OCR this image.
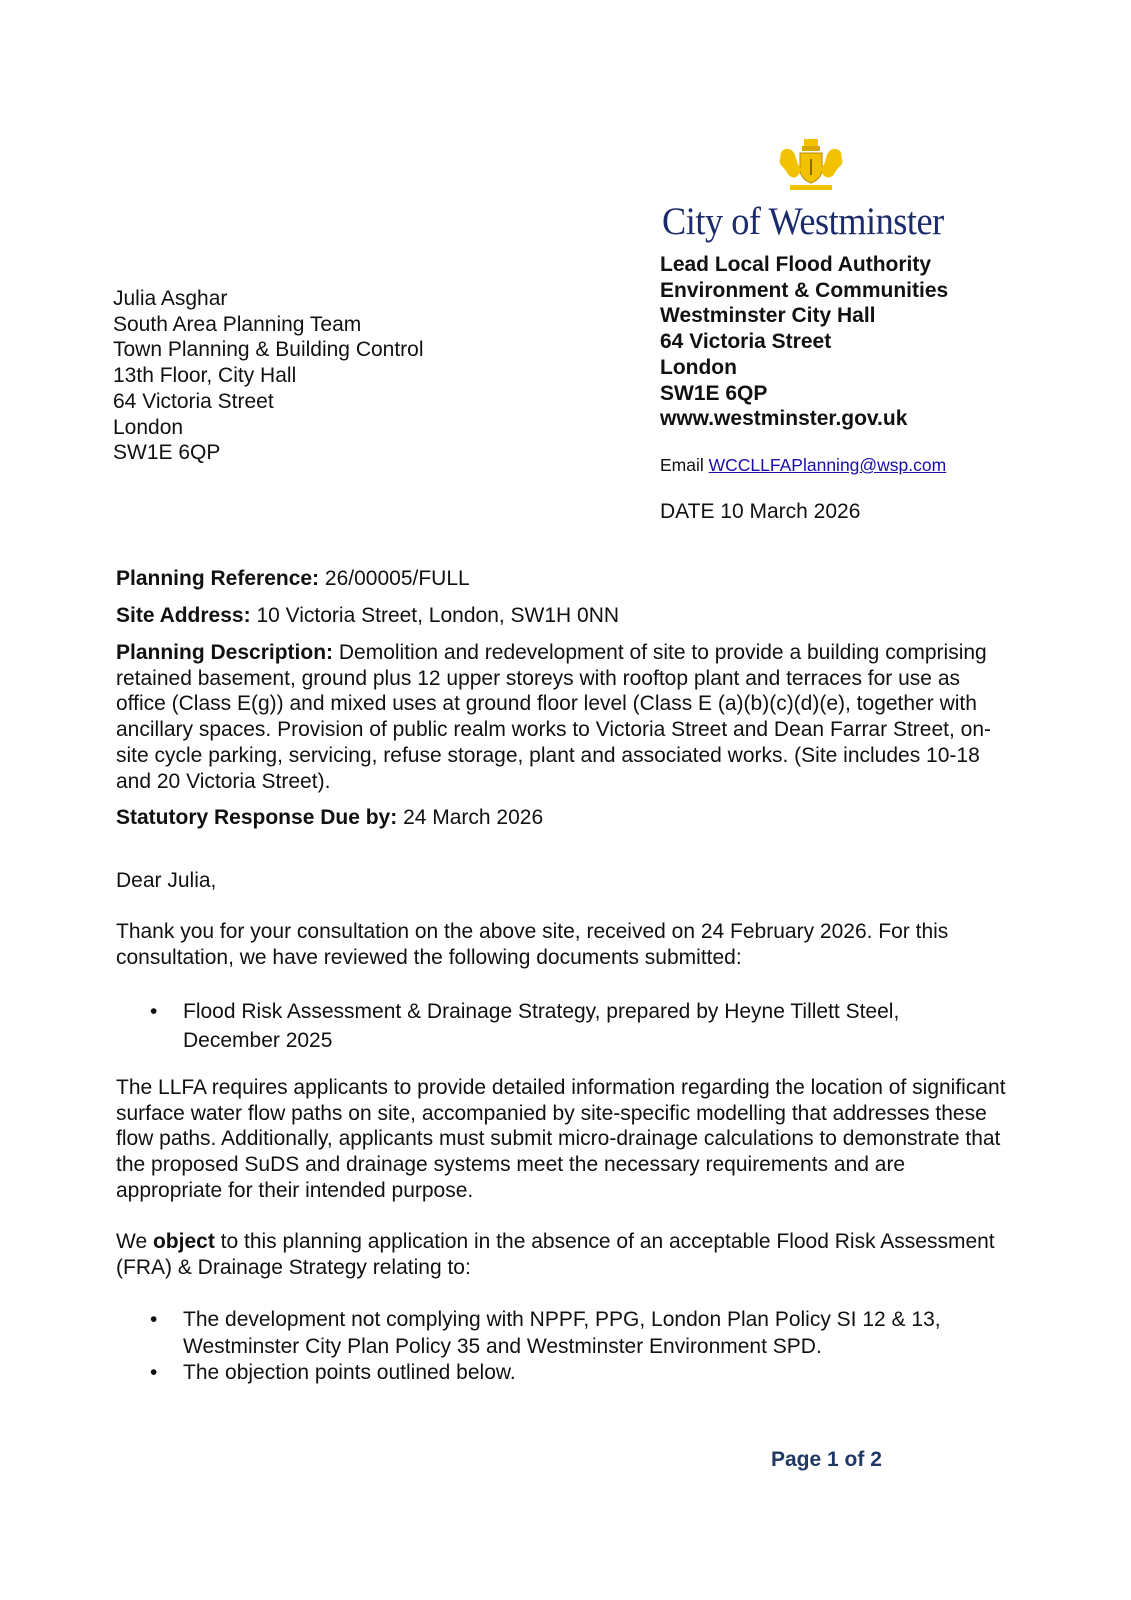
City of Westminster
Lead Local Flood Authority
Environment & Communities
Westminster City Hall
64 Victoria Street
London
SW1E 6QP
www.westminster.gov.uk
Email WCCLLFAPlanning@wsp.com
DATE 10 March 2026
Julia Asghar
South Area Planning Team
Town Planning & Building Control
13th Floor, City Hall
64 Victoria Street
London
SW1E 6QP
Planning Reference: 26/00005/FULL
Site Address: 10 Victoria Street, London, SW1H 0NN
Planning Description: Demolition and redevelopment of site to provide a building comprising retained basement, ground plus 12 upper storeys with rooftop plant and terraces for use as office (Class E(g)) and mixed uses at ground floor level (Class E (a)(b)(c)(d)(e), together with ancillary spaces. Provision of public realm works to Victoria Street and Dean Farrar Street, on-site cycle parking, servicing, refuse storage, plant and associated works. (Site includes 10-18 and 20 Victoria Street).
Statutory Response Due by: 24 March 2026
Dear Julia,
Thank you for your consultation on the above site, received on 24 February 2026. For this consultation, we have reviewed the following documents submitted:
• Flood Risk Assessment & Drainage Strategy, prepared by Heyne Tillett Steel, December 2025
The LLFA requires applicants to provide detailed information regarding the location of significant surface water flow paths on site, accompanied by site-specific modelling that addresses these flow paths. Additionally, applicants must submit micro-drainage calculations to demonstrate that the proposed SuDS and drainage systems meet the necessary requirements and are appropriate for their intended purpose.
We object to this planning application in the absence of an acceptable Flood Risk Assessment (FRA) & Drainage Strategy relating to:
• The development not complying with NPPF, PPG, London Plan Policy SI 12 & 13, Westminster City Plan Policy 35 and Westminster Environment SPD.
• The objection points outlined below.
Page 1 of 2
